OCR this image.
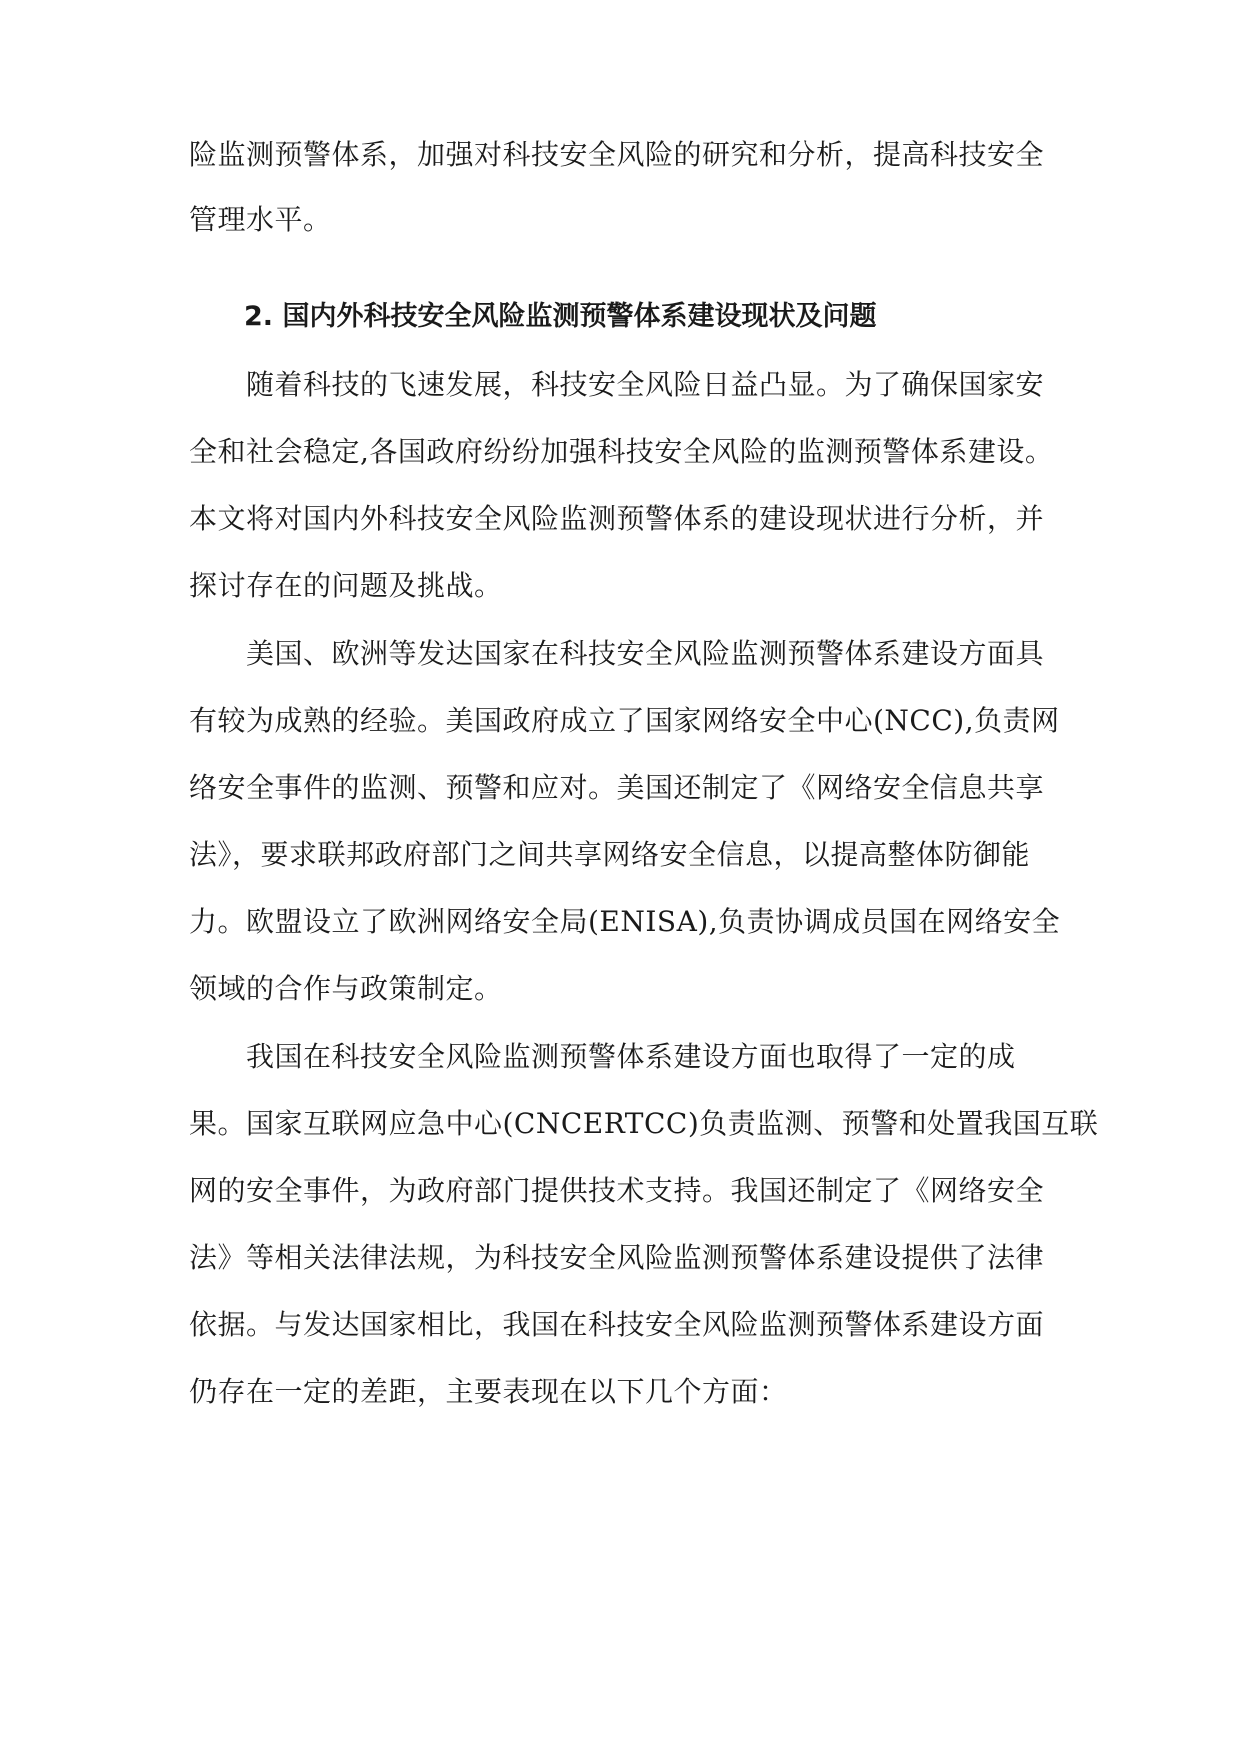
险监测预警体系，加强对科技安全风险的研究和分析，提高科技安全
管理水平。
2. 国内外科技安全风险监测预警体系建设现状及问题
随着科技的飞速发展，科技安全风险日益凸显。为了确保国家安
全和社会稳定,各国政府纷纷加强科技安全风险的监测预警体系建设。
本文将对国内外科技安全风险监测预警体系的建设现状进行分析，并
探讨存在的问题及挑战。
美国、欧洲等发达国家在科技安全风险监测预警体系建设方面具
有较为成熟的经验。美国政府成立了国家网络安全中心(NCC),负责网
络安全事件的监测、预警和应对。美国还制定了《网络安全信息共享
法》，要求联邦政府部门之间共享网络安全信息，以提高整体防御能
力。欧盟设立了欧洲网络安全局(ENISA),负责协调成员国在网络安全
领域的合作与政策制定。
我国在科技安全风险监测预警体系建设方面也取得了一定的成
果。国家互联网应急中心(CNCERTCC)负责监测、预警和处置我国互联
网的安全事件，为政府部门提供技术支持。我国还制定了《网络安全
法》等相关法律法规，为科技安全风险监测预警体系建设提供了法律
依据。与发达国家相比，我国在科技安全风险监测预警体系建设方面
仍存在一定的差距，主要表现在以下几个方面：
